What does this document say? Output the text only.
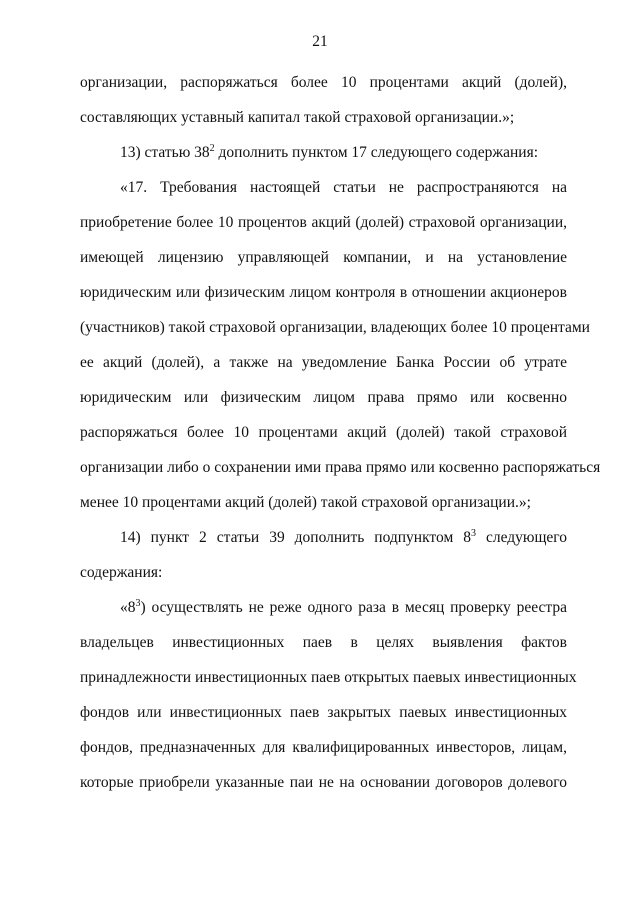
21
организации, распоряжаться более 10 процентами акций (долей),
составляющих уставный капитал такой страховой организации.»;
13) статью $38^2$ дополнить пунктом 17 следующего содержания:
«17. Требования настоящей статьи не распространяются на
приобретение более 10 процентов акций (долей) страховой организации,
имеющей лицензию управляющей компании, и на установление
юридическим или физическим лицом контроля в отношении акционеров
(участников) такой страховой организации, владеющих более 10 процентами
ее акций (долей), а также на уведомление Банка России об утрате
юридическим или физическим лицом права прямо или косвенно
распоряжаться более 10 процентами акций (долей) такой страховой
организации либо о сохранении ими права прямо или косвенно распоряжаться
менее 10 процентами акций (долей) такой страховой организации.»;
14) пункт 2 статьи 39 дополнить подпунктом $8^3$ следующего
содержания:
«$8^3$) осуществлять не реже одного раза в месяц проверку реестра
владельцев инвестиционных паев в целях выявления фактов
принадлежности инвестиционных паев открытых паевых инвестиционных
фондов или инвестиционных паев закрытых паевых инвестиционных
фондов, предназначенных для квалифицированных инвесторов, лицам,
которые приобрели указанные паи не на основании договоров долевого
